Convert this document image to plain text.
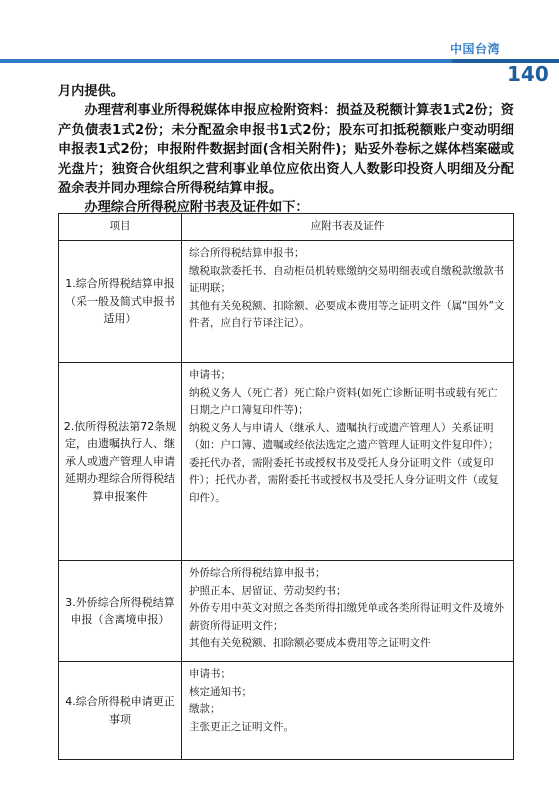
中国台湾
140

月内提供。

办理营利事业所得税媒体申报应检附资料：损益及税额计算表1式2份；资产负债表1式2份；未分配盈余申报书1式2份；股东可扣抵税额账户变动明细申报表1式2份；申报附件数据封面(含相关附件)；贴妥外卷标之媒体档案磁或光盘片；独资合伙组织之营利事业单位应依出资人人数影印投资人明细及分配盈余表并同办理综合所得税结算申报。

办理综合所得税应附书表及证件如下：

项目	应附书表及证件
1.综合所得税结算申报（采一般及简式申报书适用）	综合所得税结算申报书；
缴税取款委托书、自动柜员机转账缴纳交易明细表或自缴税款缴款书证明联；
其他有关免税额、扣除额、必要成本费用等之证明文件（属“国外”文件者，应自行节译注记）。

2.依所得税法第72条规定，由遗嘱执行人、继承人或遗产管理人申请延期办理综合所得税结算申报案件	申请书；
纳税义务人（死亡者）死亡除户资料(如死亡诊断证明书或载有死亡日期之户口簿复印件等)；
纳税义务人与申请人（继承人、遗嘱执行或遗产管理人）关系证明（如：户口簿、遗嘱或经依法选定之遗产管理人证明文件复印件）；
委托代办者，需附委托书或授权书及受托人身分证明文件（或复印件）；托代办者，需附委托书或授权书及受托人身分证明文件（或复印件）。

3.外侨综合所得税结算申报（含离境申报）	外侨综合所得税结算申报书；
护照正本、居留证、劳动契约书；
外侨专用中英文对照之各类所得扣缴凭单或各类所得证明文件及境外薪资所得证明文件；
其他有关免税额、扣除额必要成本费用等之证明文件

4.综合所得税申请更正事项	申请书；
核定通知书；
缴款；
主张更正之证明文件。
